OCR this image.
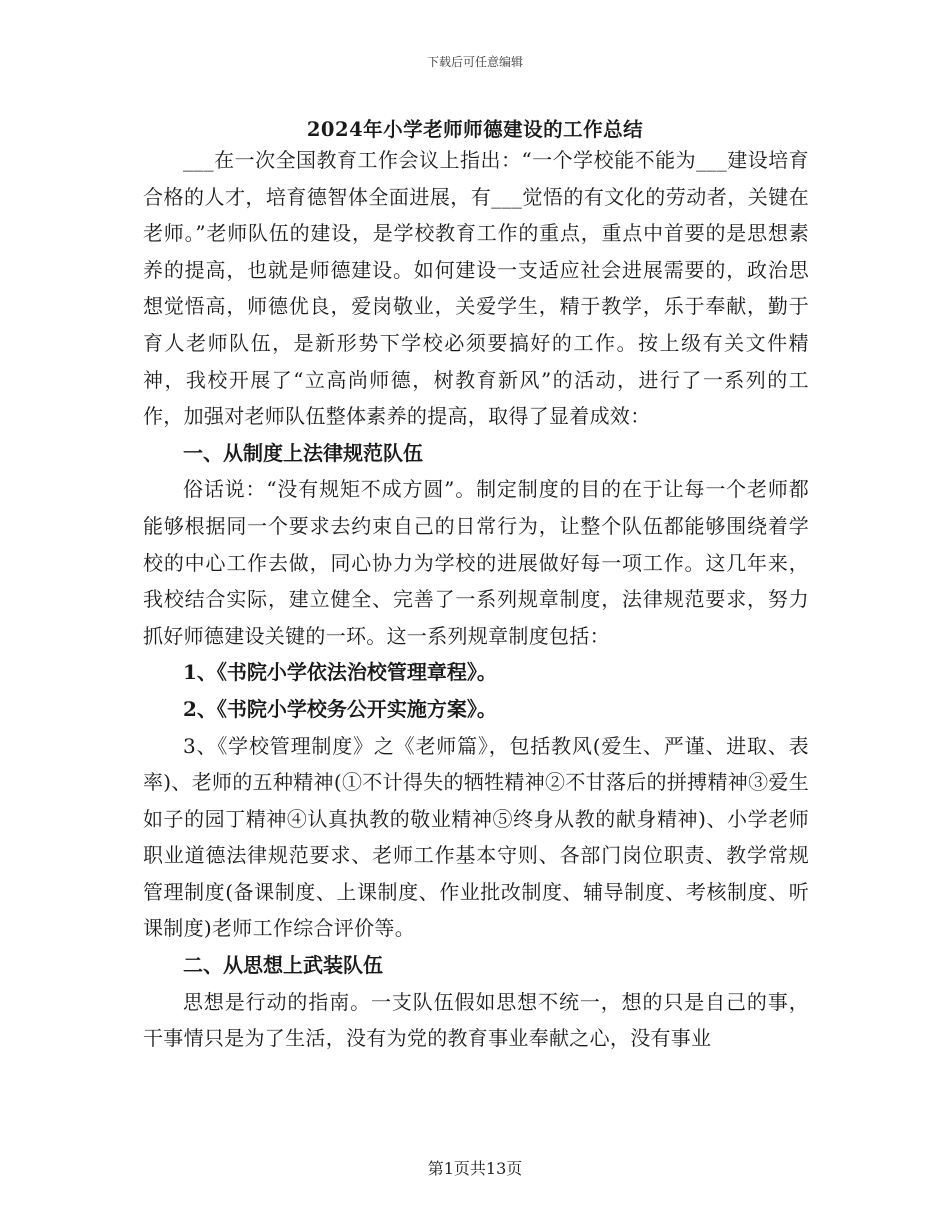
下载后可任意编辑
2024年小学老师师德建设的工作总结

___在一次全国教育工作会议上指出：“一个学校能不能为___建设培育合格的人才，培育德智体全面进展，有___觉悟的有文化的劳动者，关键在老师。”老师队伍的建设，是学校教育工作的重点，重点中首要的是思想素养的提高，也就是师德建设。如何建设一支适应社会进展需要的，政治思想觉悟高，师德优良，爱岗敬业，关爱学生，精于教学，乐于奉献，勤于育人老师队伍，是新形势下学校必须要搞好的工作。按上级有关文件精神，我校开展了“立高尚师德，树教育新风”的活动，进行了一系列的工作，加强对老师队伍整体素养的提高，取得了显着成效：

一、从制度上法律规范队伍

俗话说：“没有规矩不成方圆”。制定制度的目的在于让每一个老师都能够根据同一个要求去约束自己的日常行为，让整个队伍都能够围绕着学校的中心工作去做，同心协力为学校的进展做好每一项工作。这几年来，我校结合实际，建立健全、完善了一系列规章制度，法律规范要求，努力抓好师德建设关键的一环。这一系列规章制度包括：

1、《书院小学依法治校管理章程》。

2、《书院小学校务公开实施方案》。

3、《学校管理制度》之《老师篇》，包括教风(爱生、严谨、进取、表率)、老师的五种精神(①不计得失的牺牲精神②不甘落后的拼搏精神③爱生如子的园丁精神④认真执教的敬业精神⑤终身从教的献身精神)、小学老师职业道德法律规范要求、老师工作基本守则、各部门岗位职责、教学常规管理制度(备课制度、上课制度、作业批改制度、辅导制度、考核制度、听课制度)老师工作综合评价等。

二、从思想上武装队伍

思想是行动的指南。一支队伍假如思想不统一，想的只是自己的事，干事情只是为了生活，没有为党的教育事业奉献之心，没有事业

第1页共13页
